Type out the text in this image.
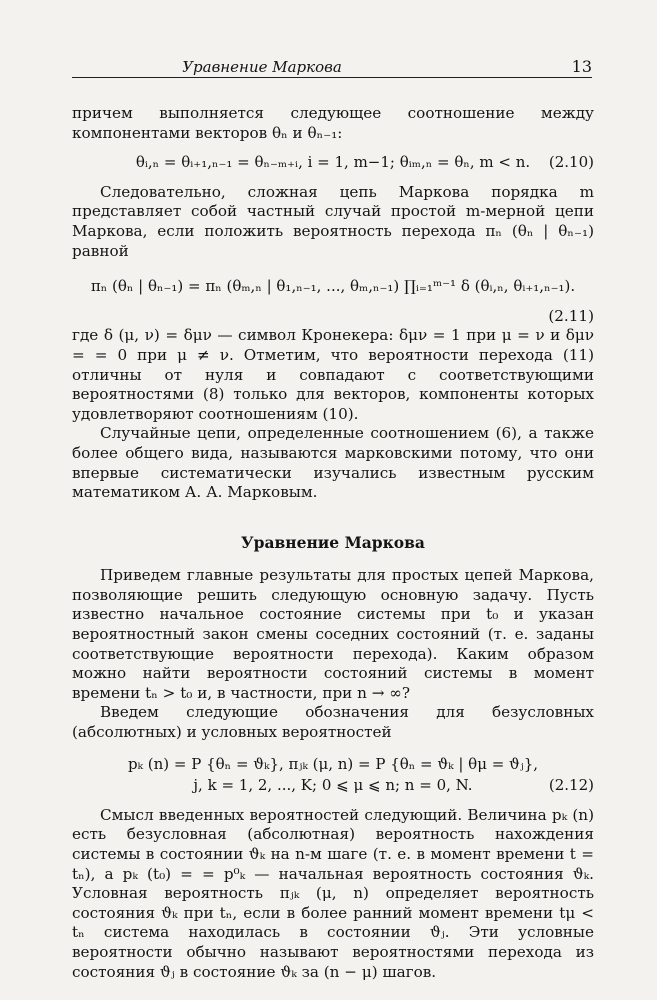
Уравнение Маркова	13

причем выполняется следующее соотношение между компонентами векторов θₙ и θₙ₋₁:

θᵢ,ₙ = θᵢ₊₁,ₙ₋₁ = θₙ₋ₘ₊ᵢ, i = 1, m−1; θᵢₘ,ₙ = θₙ, m < n. (2.10)

Следовательно, сложная цепь Маркова порядка m представляет собой частный случай простой m-мерной цепи Маркова, если положить вероятность перехода πₙ (θₙ | θₙ₋₁) равной

πₙ (θₙ | θₙ₋₁) = πₙ (θₘ,ₙ | θ₁,ₙ₋₁, ..., θₘ,ₙ₋₁) ∏ᵢ₌₁ᵐ⁻¹ δ (θᵢ,ₙ, θᵢ₊₁,ₙ₋₁).
(2.11)

где δ (μ, ν) = δμν — символ Кронекера: δμν = 1 при μ = ν и δμν = = 0 при μ ≠ ν. Отметим, что вероятности перехода (11) отличны от нуля и совпадают с соответствующими вероятностями (8) только для векторов, компоненты которых удовлетворяют соотношениям (10).

Случайные цепи, определенные соотношением (6), а также более общего вида, называются марковскими потому, что они впервые систематически изучались известным русским математиком А. А. Марковым.

Уравнение Маркова

Приведем главные результаты для простых цепей Маркова, позволяющие решить следующую основную задачу. Пусть известно начальное состояние системы при t₀ и указан вероятностный закон смены соседних состояний (т. е. заданы соответствующие вероятности перехода). Каким образом можно найти вероятности состояний системы в момент времени tₙ > t₀ и, в частности, при n → ∞?

Введем следующие обозначения для безусловных (абсолютных) и условных вероятностей

pₖ (n) = P {θₙ = ϑₖ}, πⱼₖ (μ, n) = P {θₙ = ϑₖ | θμ = ϑⱼ},
j, k = 1, 2, ..., K; 0 ⩽ μ ⩽ n; n = 0, N.	(2.12)

Смысл введенных вероятностей следующий. Величина pₖ (n) есть безусловная (абсолютная) вероятность нахождения системы в состоянии ϑₖ на n-м шаге (т. е. в момент времени t = tₙ), а pₖ (t₀) = = p⁰ₖ — начальная вероятность состояния ϑₖ. Условная вероятность πⱼₖ (μ, n) определяет вероятность состояния ϑₖ при tₙ, если в более ранний момент времени tμ < tₙ система находилась в состоянии ϑⱼ. Эти условные вероятности обычно называют вероятностями перехода из состояния ϑⱼ в состояние ϑₖ за (n − μ) шагов.
